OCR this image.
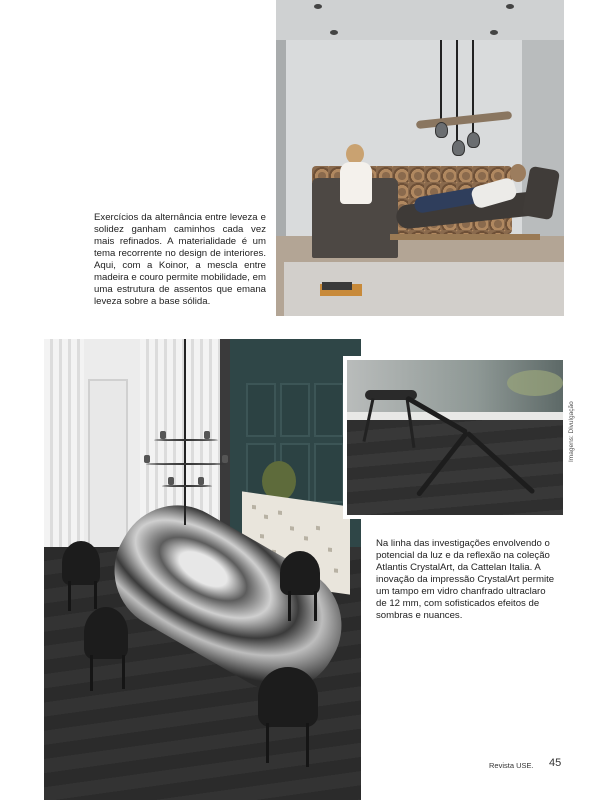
Exercícios da alternância entre leveza e solidez ganham caminhos cada vez mais refinados. A materialidade é um tema recorrente no design de interiores. Aqui, com a Koinor, a mescla entre madeira e couro permite mobilidade, em uma estrutura de assentos que emana leveza sobre a base sólida.

Imagens: Divulgação

Na linha das investigações envolvendo o potencial da luz e da reflexão na coleção Atlantis CrystalArt, da Cattelan Italia. A inovação da impressão CrystalArt permite um tampo em vidro chanfrado ultraclaro de 12 mm, com sofisticados efeitos de sombras e nuances.

Revista USE. 45
